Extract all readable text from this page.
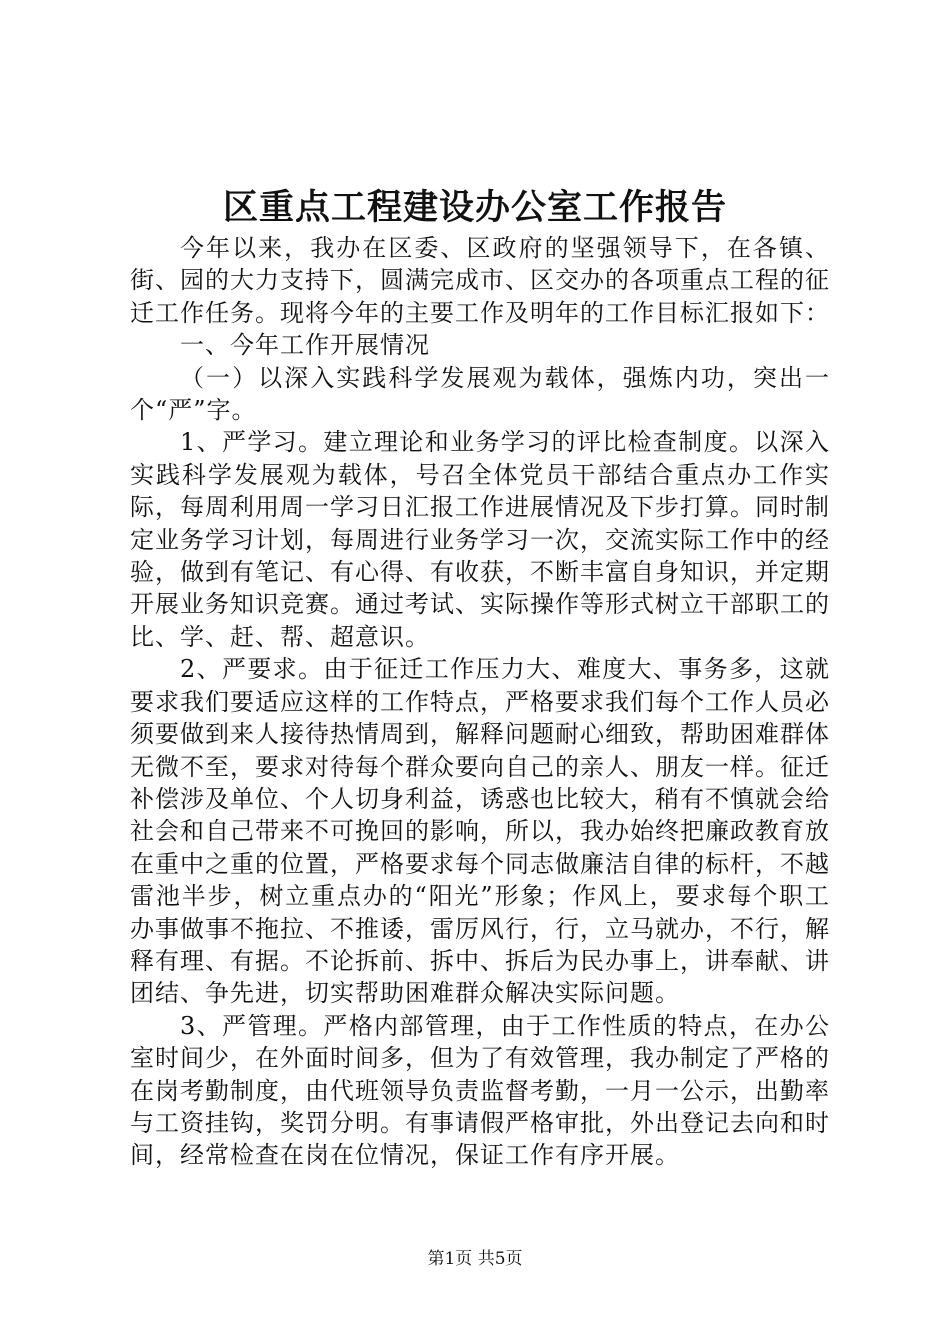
区重点工程建设办公室工作报告

今年以来，我办在区委、区政府的坚强领导下，在各镇、街、园的大力支持下，圆满完成市、区交办的各项重点工程的征迁工作任务。现将今年的主要工作及明年的工作目标汇报如下：

一、今年工作开展情况

（一）以深入实践科学发展观为载体，强炼内功，突出一个“严”字。

1、严学习。建立理论和业务学习的评比检查制度。以深入实践科学发展观为载体，号召全体党员干部结合重点办工作实际，每周利用周一学习日汇报工作进展情况及下步打算。同时制定业务学习计划，每周进行业务学习一次，交流实际工作中的经验，做到有笔记、有心得、有收获，不断丰富自身知识，并定期开展业务知识竞赛。通过考试、实际操作等形式树立干部职工的比、学、赶、帮、超意识。

2、严要求。由于征迁工作压力大、难度大、事务多，这就要求我们要适应这样的工作特点，严格要求我们每个工作人员必须要做到来人接待热情周到，解释问题耐心细致，帮助困难群体无微不至，要求对待每个群众要向自己的亲人、朋友一样。征迁补偿涉及单位、个人切身利益，诱惑也比较大，稍有不慎就会给社会和自己带来不可挽回的影响，所以，我办始终把廉政教育放在重中之重的位置，严格要求每个同志做廉洁自律的标杆，不越雷池半步，树立重点办的“阳光”形象；作风上，要求每个职工办事做事不拖拉、不推诿，雷厉风行，行，立马就办，不行，解释有理、有据。不论拆前、拆中、拆后为民办事上，讲奉献、讲团结、争先进，切实帮助困难群众解决实际问题。

3、严管理。严格内部管理，由于工作性质的特点，在办公室时间少，在外面时间多，但为了有效管理，我办制定了严格的在岗考勤制度，由代班领导负责监督考勤，一月一公示，出勤率与工资挂钩，奖罚分明。有事请假严格审批，外出登记去向和时间，经常检查在岗在位情况，保证工作有序开展。

第1页 共5页
